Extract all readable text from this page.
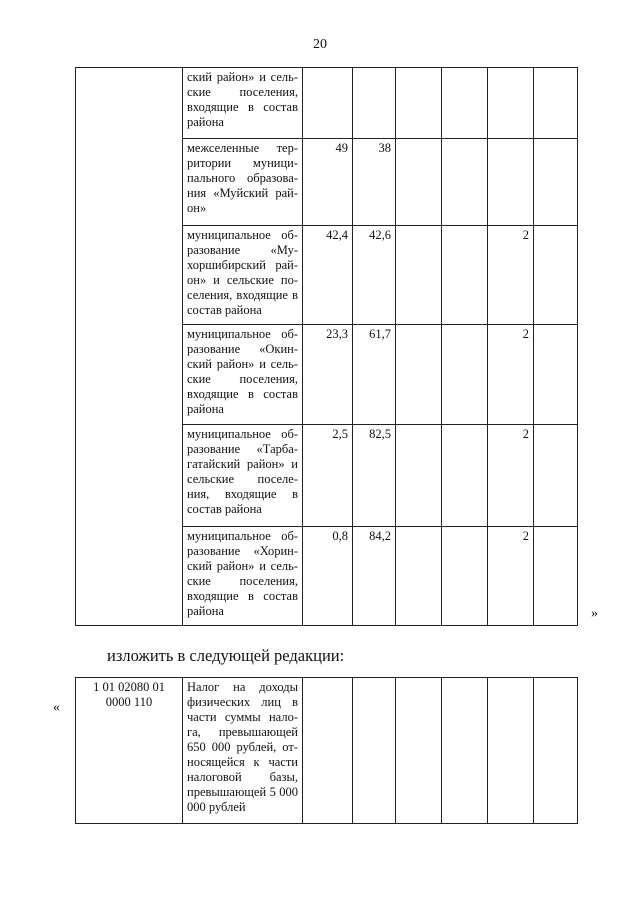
20
	ский район» и сель-ские поселения, входящие в состав района						
	межселенные тер-ритории муници-пального образова-ния «Муйский рай-он»	49	38				
	муниципальное об-разование «Му-хоршибирский рай-он» и сельские по-селения, входящие в состав района	42,4	42,6			2	
	муниципальное об-разование «Окин-ский район» и сель-ские поселения, входящие в состав района	23,3	61,7			2	
	муниципальное об-разование «Тарба-гатайский район» и сельские поселе-ния, входящие в состав района	2,5	82,5			2	
	муниципальное об-разование «Хорин-ский район» и сель-ские поселения, входящие в состав района	0,8	84,2			2	
»
изложить в следующей редакции:
«
1 01 02080 01 0000 110	Налог на доходы физических лиц в части суммы нало-га, превышающей 650 000 рублей, от-носящейся к части налоговой базы, превышающей 5 000 000 рублей						
